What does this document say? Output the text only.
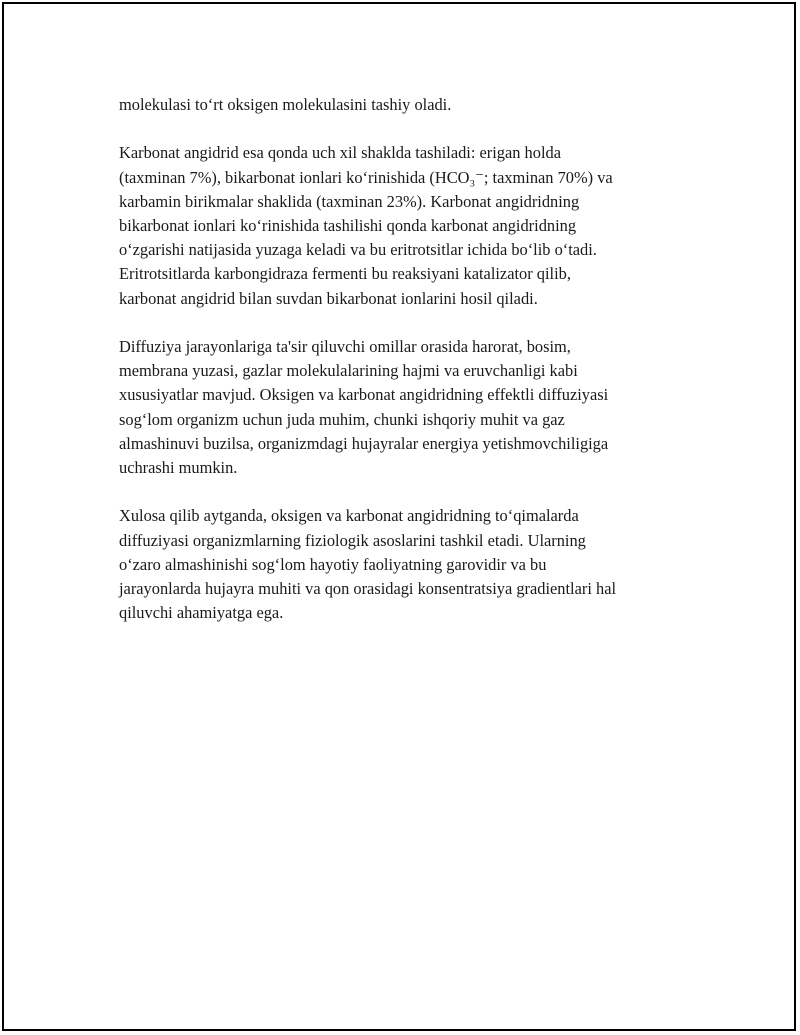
molekulasi to‘rt oksigen molekulasini tashiy oladi.

Karbonat angidrid esa qonda uch xil shaklda tashiladi: erigan holda
(taxminan 7%), bikarbonat ionlari ko‘rinishida (HCO₃⁻; taxminan 70%) va
karbamin birikmalar shaklida (taxminan 23%). Karbonat angidridning
bikarbonat ionlari ko‘rinishida tashilishi qonda karbonat angidridning
o‘zgarishi natijasida yuzaga keladi va bu eritrotsitlar ichida bo‘lib o‘tadi.
Eritrotsitlarda karbongidraza fermenti bu reaksiyani katalizator qilib,
karbonat angidrid bilan suvdan bikarbonat ionlarini hosil qiladi.

Diffuziya jarayonlariga ta'sir qiluvchi omillar orasida harorat, bosim,
membrana yuzasi, gazlar molekulalarining hajmi va eruvchanligi kabi
xususiyatlar mavjud. Oksigen va karbonat angidridning effektli diffuziyasi
sog‘lom organizm uchun juda muhim, chunki ishqoriy muhit va gaz
almashinuvi buzilsa, organizmdagi hujayralar energiya yetishmovchiligiga
uchrashi mumkin.

Xulosa qilib aytganda, oksigen va karbonat angidridning to‘qimalarda
diffuziyasi organizmlarning fiziologik asoslarini tashkil etadi. Ularning
o‘zaro almashinishi sog‘lom hayotiy faoliyatning garovidir va bu
jarayonlarda hujayra muhiti va qon orasidagi konsentratsiya gradientlari hal
qiluvchi ahamiyatga ega.
